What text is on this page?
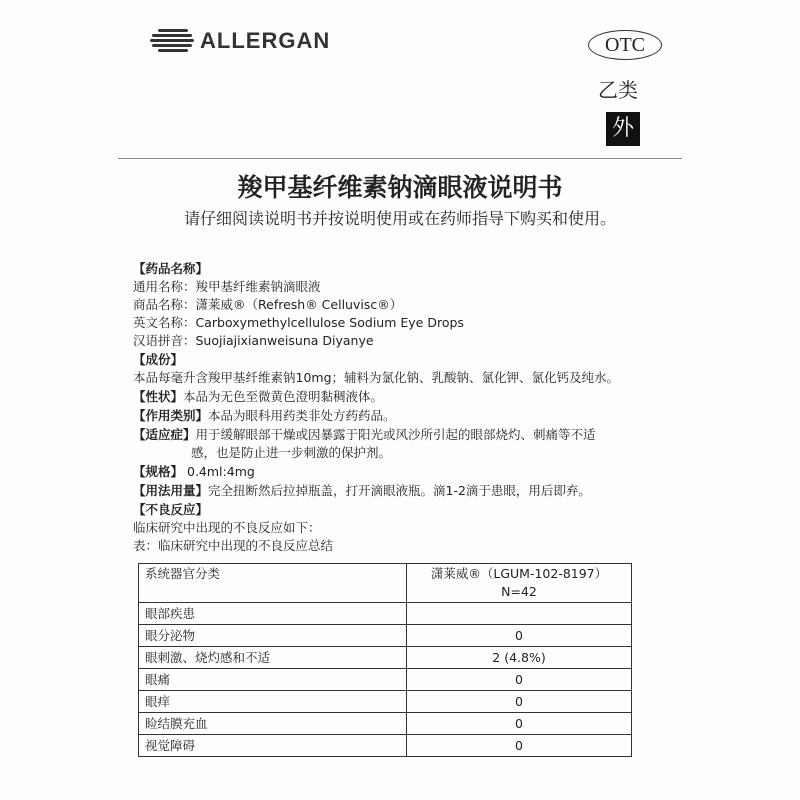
ALLERGAN	OTC
乙类
外
羧甲基纤维素钠滴眼液说明书
请仔细阅读说明书并按说明使用或在药师指导下购买和使用。
【药品名称】
通用名称：羧甲基纤维素钠滴眼液
商品名称：潇莱威®（Refresh® Celluvisc®）
英文名称：Carboxymethylcellulose Sodium Eye Drops
汉语拼音：Suojiajixianweisuna Diyanye
【成份】
本品每毫升含羧甲基纤维素钠10mg；辅料为氯化钠、乳酸钠、氯化钾、氯化钙及纯水。
【性状】本品为无色至微黄色澄明黏稠液体。
【作用类别】本品为眼科用药类非处方药药品。
【适应症】用于缓解眼部干燥或因暴露于阳光或风沙所引起的眼部烧灼、刺痛等不适
感，也是防止进一步刺激的保护剂。
【规格】 0.4ml:4mg
【用法用量】完全扭断然后拉掉瓶盖，打开滴眼液瓶。滴1-2滴于患眼，用后即弃。
【不良反应】
临床研究中出现的不良反应如下：
表：临床研究中出现的不良反应总结
系统器官分类	潇莱威®（LGUM-102-8197）
N=42

眼部疾患	
眼分泌物	0
眼刺激、烧灼感和不适	2 (4.8%)
眼痛	0
眼痒	0
睑结膜充血	0
视觉障碍	0
